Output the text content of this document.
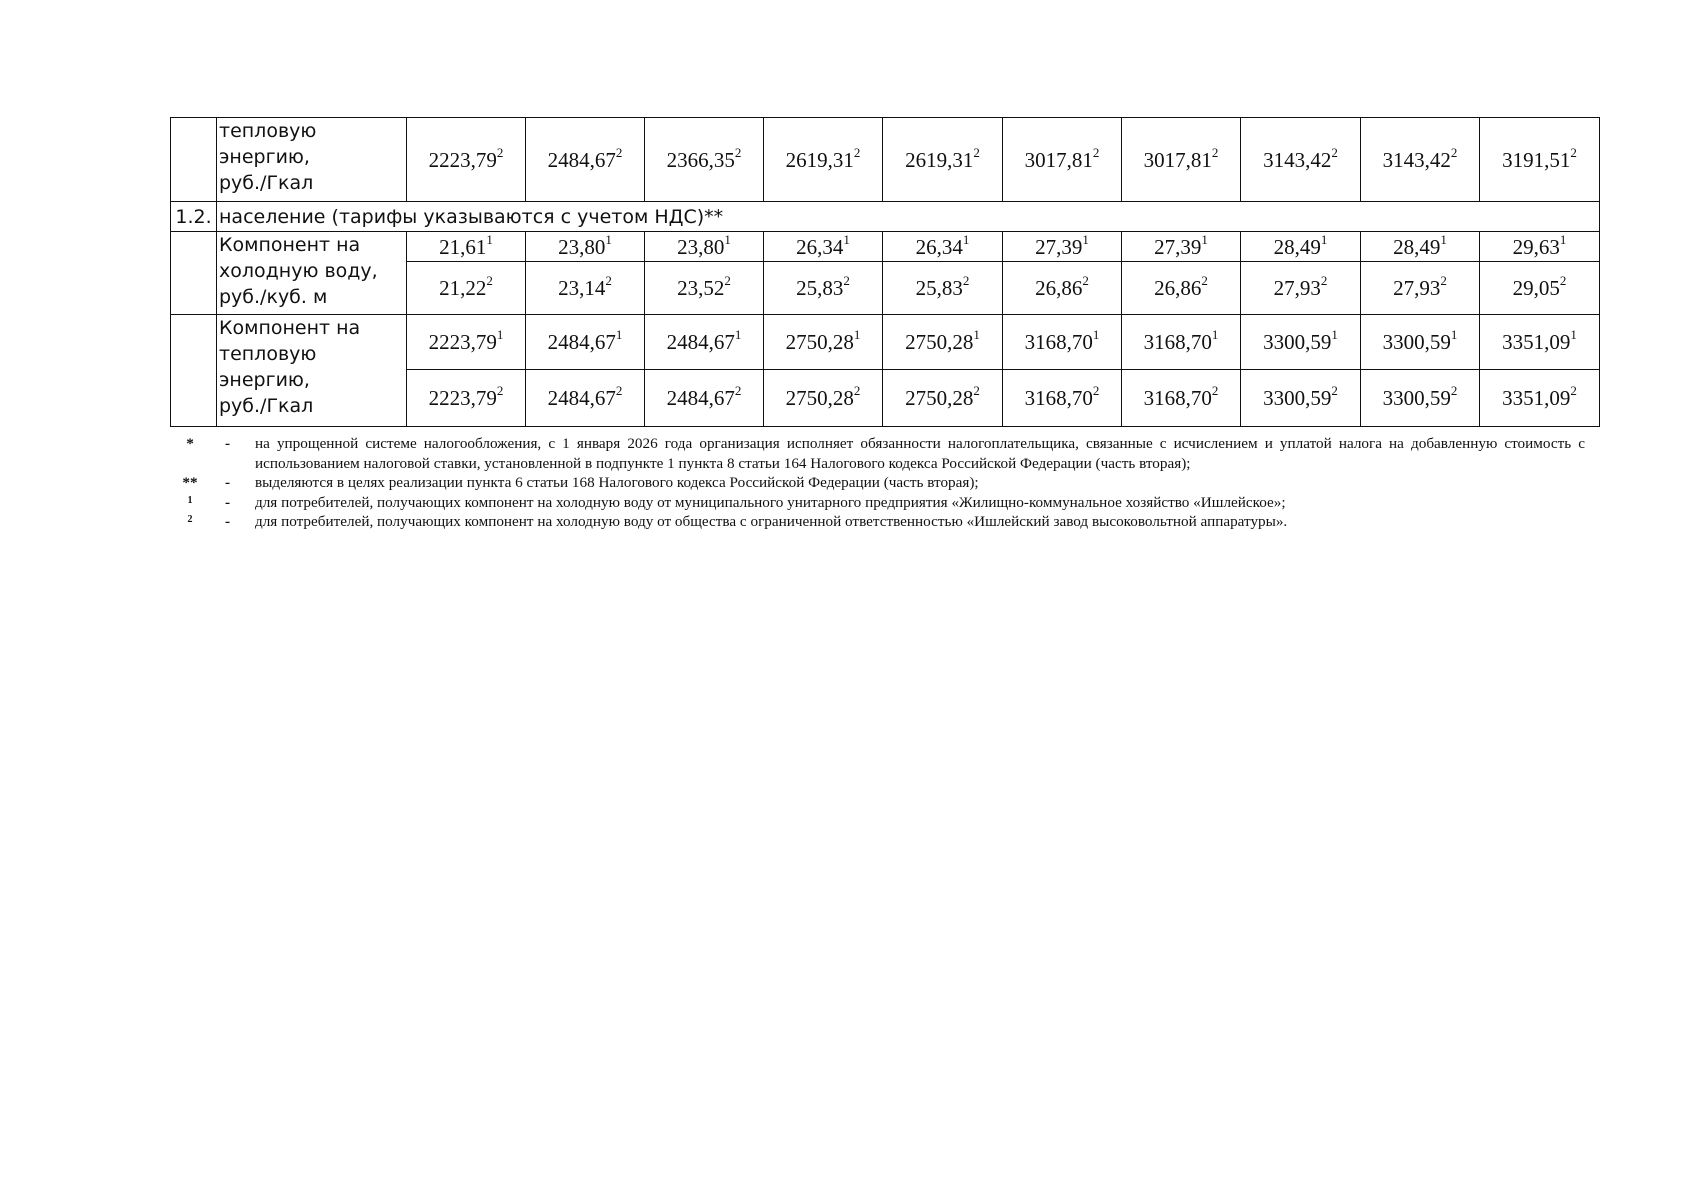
	тепловую
энергию,
руб./Гкал	2223,79$^2$	2484,67$^2$	2366,35$^2$	2619,31$^2$	2619,31$^2$	3017,81$^2$	3017,81$^2$	3143,42$^2$	3143,42$^2$	3191,51$^2$
1.2.	население (тарифы указываются с учетом НДС)**										

	Компонент на
холодную воду,
руб./куб. м	21,61$^1$	23,80$^1$	23,80$^1$	26,34$^1$	26,34$^1$	27,39$^1$	27,39$^1$	28,49$^1$	28,49$^1$	29,63$^1$
		21,22$^2$	23,14$^2$	23,52$^2$	25,83$^2$	25,83$^2$	26,86$^2$	26,86$^2$	27,93$^2$	27,93$^2$	29,05$^2$

	Компонент на
тепловую
энергию,
руб./Гкал	2223,79$^1$	2484,67$^1$	2484,67$^1$	2750,28$^1$	2750,28$^1$	3168,70$^1$	3168,70$^1$	3300,59$^1$	3300,59$^1$	3351,09$^1$
		2223,79$^2$	2484,67$^2$	2484,67$^2$	2750,28$^2$	2750,28$^2$	3168,70$^2$	3168,70$^2$	3300,59$^2$	3300,59$^2$	3351,09$^2$
*	-	на упрощенной системе налогообложения, с 1 января 2026 года организация исполняет обязанности налогоплательщика, связанные с исчислением и уплатой налога на добавленную стоимость с использованием налоговой ставки, установленной в подпункте 1 пункта 8 статьи 164 Налогового кодекса Российской Федерации (часть вторая);
**	-	выделяются в целях реализации пункта 6 статьи 168 Налогового кодекса Российской Федерации (часть вторая);
1	-	для потребителей, получающих компонент на холодную воду от муниципального унитарного предприятия «Жилищно-коммунальное хозяйство «Ишлейское»;
2	-	для потребителей, получающих компонент на холодную воду от общества с ограниченной ответственностью «Ишлейский завод высоковольтной аппаратуры».
